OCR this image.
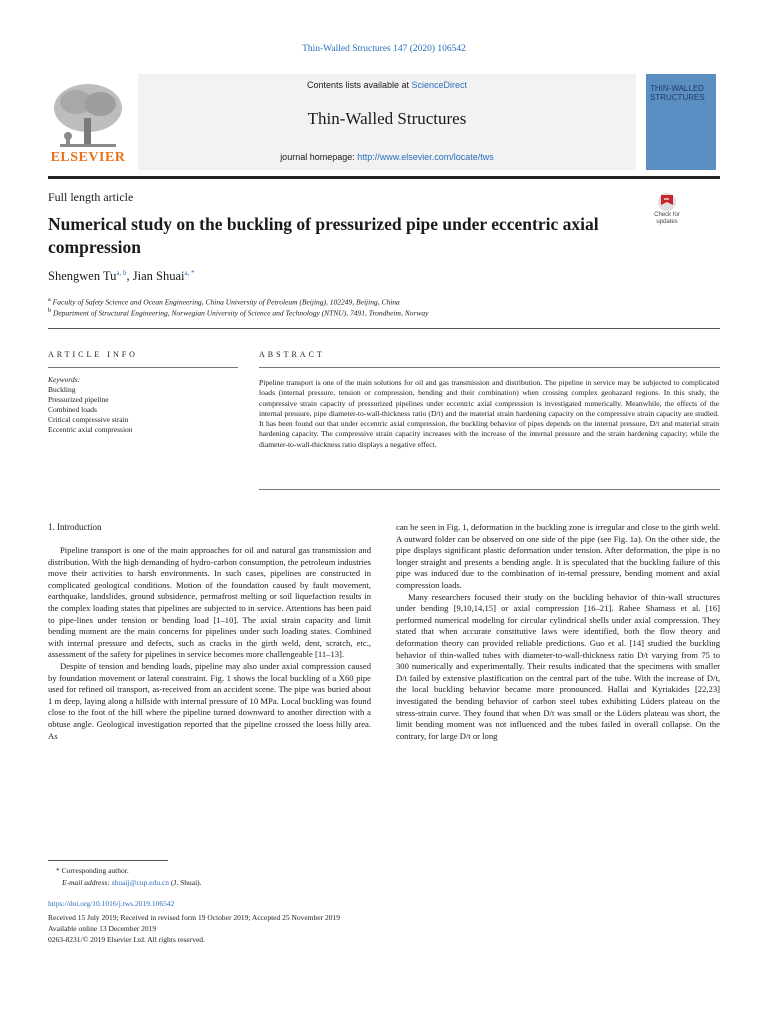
Thin-Walled Structures 147 (2020) 106542
ELSEVIER
Contents lists available at ScienceDirect
Thin-Walled Structures
journal homepage: http://www.elsevier.com/locate/tws
THIN-WALLED STRUCTURES
Full length article
Numerical study on the buckling of pressurized pipe under eccentric axial compression
Check for updates
Shengwen Tu$^{a, b}$, Jian Shuai$^{a, *}$
$^a$ Faculty of Safety Science and Ocean Engineering, China University of Petroleum (Beijing), 102249, Beijing, China
$^b$ Department of Structural Engineering, Norwegian University of Science and Technology (NTNU), 7491, Trondheim, Norway
ARTICLE INFO	ABSTRACT
Keywords:
Buckling
Pressurized pipeline
Combined loads
Critical compressive strain
Eccentric axial compression
Pipeline transport is one of the main solutions for oil and gas transmission and distribution. The pipeline in service may be subjected to complicated loads (internal pressure, tension or compression, bending and their combination) when crossing complex geohazard regions. In this study, the compressive strain capacity of pressurized pipelines under eccentric axial compression is investigated numerically. Meanwhile, the effects of the internal pressure, pipe diameter-to-wall-thickness ratio (D/t) and the material strain hardening capacity on the compressive strain capacity are studied. It has been found out that under eccentric axial compression, the buckling behavior of pipes depends on the internal pressure, D/t and material strain hardening capacity. The compressive strain capacity increases with the increase of the internal pressure and the strain hardening capacity; while the diameter-to-wall-thickness ratio displays a negative effect.
1. Introduction

Pipeline transport is one of the main approaches for oil and natural gas transmission and distribution. With the high demanding of hydro-carbon consumption, the petroleum industries move their activities to harsh environments. In such cases, pipelines are constructed in complicated geological conditions. Motion of the foundation caused by fault movement, earthquake, landslides, ground subsidence, permafrost melting or soil liquefaction results in the complex loading states that pipelines are subjected to in service. Attentions has been paid to pipe-lines under tension or bending load [1–10]. The axial strain capacity and limit bending moment are the main concerns for pipelines under such loading states. Combined with internal pressure and defects, such as cracks in the girth weld, dent, scratch, etc., assessment of the safety for pipelines in service becomes more challengeable [11–13].

Despite of tension and bending loads, pipeline may also under axial compression caused by foundation movement or lateral constraint. Fig. 1 shows the local buckling of a X60 pipe used for refined oil transport, as-received from an accident scene. The pipe was buried about 1 m deep, laying along a hillside with internal pressure of 10 MPa. Local buckling was found close to the foot of the hill where the pipeline turned downward to another direction with a obtuse angle. Geological investigation reported that the pipeline crossed the loess hilly area. As

can be seen in Fig. 1, deformation in the buckling zone is irregular and close to the girth weld. A outward folder can be observed on one side of the pipe (see Fig. 1a). On the other side, the pipe displays significant plastic deformation under tension. After deformation, the pipe is no longer straight and presents a bending angle. It is speculated that the buckling failure of this pipe was induced due to the combination of in-ternal pressure, bending moment and axial compression loads.

Many researchers focused their study on the buckling behavior of thin-wall structures under bending [9,10,14,15] or axial compression [16–21]. Rabee Shamass et al. [16] performed numerical modeling for circular cylindrical shells under axial compression. They stated that when accurate constitutive laws were identified, both the flow theory and deformation theory can provided reliable predictions. Guo et al. [14] studied the buckling behavior of thin-walled tubes with diameter-to-wall-thickness ratio D/t varying from 75 to 300 numerically and experimentally. Their results indicated that the specimens with smaller D/t failed by extensive plastification on the central part of the tube. With the increase of D/t, the local buckling behavior became more pronounced. Hallai and Kyriakides [22,23] investigated the bending behavior of carbon steel tubes exhibiting Lüders plateau on the stress-strain curve. They found that when D/t was small or the Lüders plateau was short, the limit bending moment was not influenced and the tubes failed in overall collapse. On the contrary, for large D/t or long

* Corresponding author.
E-mail address: shuaij@cup.edu.cn (J. Shuai).
https://doi.org/10.1016/j.tws.2019.106542
Received 15 July 2019; Received in revised form 19 October 2019; Accepted 25 November 2019
Available online 13 December 2019
0263-8231/© 2019 Elsevier Ltd. All rights reserved.
